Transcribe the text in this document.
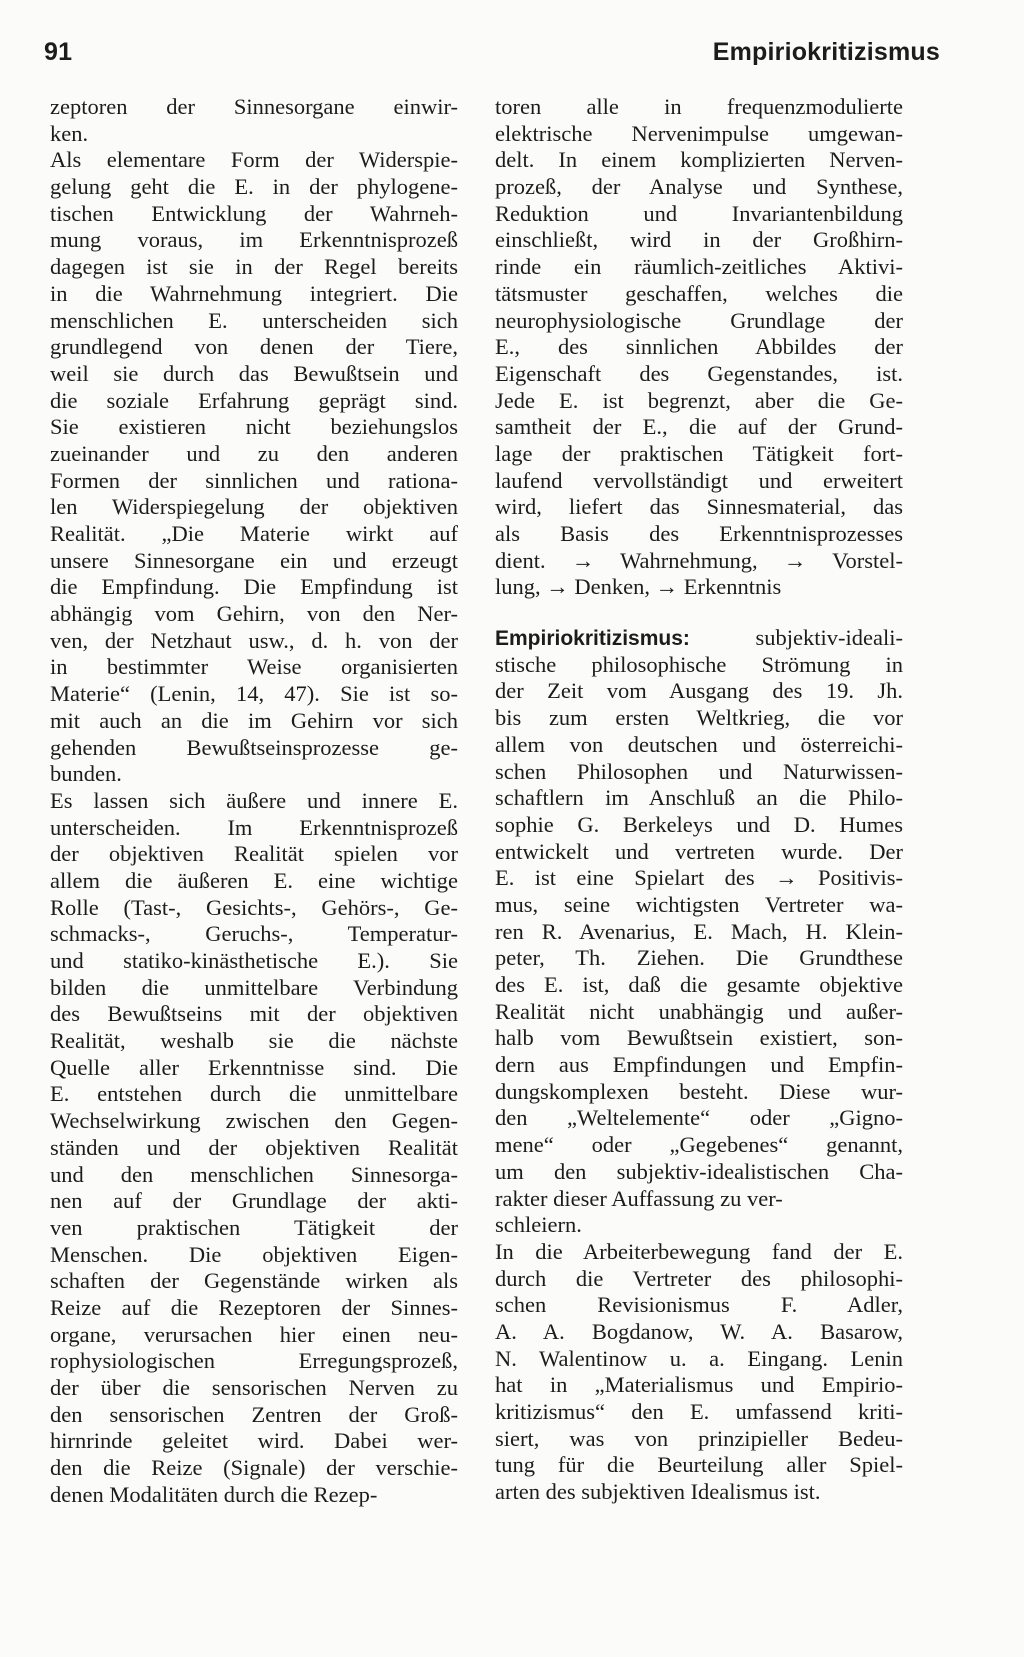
91	Empiriokritizismus
zeptoren der Sinnesorgane einwir-
ken.
Als elementare Form der Widerspie-
gelung geht die E. in der phylogene-
tischen Entwicklung der Wahrneh-
mung voraus, im Erkenntnisprozeß
dagegen ist sie in der Regel bereits
in die Wahrnehmung integriert. Die
menschlichen E. unterscheiden sich
grundlegend von denen der Tiere,
weil sie durch das Bewußtsein und
die soziale Erfahrung geprägt sind.
Sie existieren nicht beziehungslos
zueinander und zu den anderen
Formen der sinnlichen und rationa-
len Widerspiegelung der objektiven
Realität. „Die Materie wirkt auf
unsere Sinnesorgane ein und erzeugt
die Empfindung. Die Empfindung ist
abhängig vom Gehirn, von den Ner-
ven, der Netzhaut usw., d. h. von der
in bestimmter Weise organisierten
Materie“ (Lenin, 14, 47). Sie ist so-
mit auch an die im Gehirn vor sich
gehenden Bewußtseinsprozesse ge-
bunden.
Es lassen sich äußere und innere E.
unterscheiden. Im Erkenntnisprozeß
der objektiven Realität spielen vor
allem die äußeren E. eine wichtige
Rolle (Tast-, Gesichts-, Gehörs-, Ge-
schmacks-, Geruchs-, Temperatur-
und statiko-kinästhetische E.). Sie
bilden die unmittelbare Verbindung
des Bewußtseins mit der objektiven
Realität, weshalb sie die nächste
Quelle aller Erkenntnisse sind. Die
E. entstehen durch die unmittelbare
Wechselwirkung zwischen den Gegen-
ständen und der objektiven Realität
und den menschlichen Sinnesorga-
nen auf der Grundlage der akti-
ven praktischen Tätigkeit der
Menschen. Die objektiven Eigen-
schaften der Gegenstände wirken als
Reize auf die Rezeptoren der Sinnes-
organe, verursachen hier einen neu-
rophysiologischen Erregungsprozeß,
der über die sensorischen Nerven zu
den sensorischen Zentren der Groß-
hirnrinde geleitet wird. Dabei wer-
den die Reize (Signale) der verschie-
denen Modalitäten durch die Rezep-
toren alle in frequenzmodulierte
elektrische Nervenimpulse umgewan-
delt. In einem komplizierten Nerven-
prozeß, der Analyse und Synthese,
Reduktion und Invariantenbildung
einschließt, wird in der Großhirn-
rinde ein räumlich-zeitliches Aktivi-
tätsmuster geschaffen, welches die
neurophysiologische Grundlage der
E., des sinnlichen Abbildes der
Eigenschaft des Gegenstandes, ist.
Jede E. ist begrenzt, aber die Ge-
samtheit der E., die auf der Grund-
lage der praktischen Tätigkeit fort-
laufend vervollständigt und erweitert
wird, liefert das Sinnesmaterial, das
als Basis des Erkenntnisprozesses
dient. → Wahrnehmung, → Vorstel-
lung, → Denken, → Erkenntnis
Empiriokritizismus: subjektiv-ideali-
stische philosophische Strömung in
der Zeit vom Ausgang des 19. Jh.
bis zum ersten Weltkrieg, die vor
allem von deutschen und österreichi-
schen Philosophen und Naturwissen-
schaftlern im Anschluß an die Philo-
sophie G. Berkeleys und D. Humes
entwickelt und vertreten wurde. Der
E. ist eine Spielart des → Positivis-
mus, seine wichtigsten Vertreter wa-
ren R. Avenarius, E. Mach, H. Klein-
peter, Th. Ziehen. Die Grundthese
des E. ist, daß die gesamte objektive
Realität nicht unabhängig und außer-
halb vom Bewußtsein existiert, son-
dern aus Empfindungen und Empfin-
dungskomplexen besteht. Diese wur-
den „Weltelemente“ oder „Gigno-
mene“ oder „Gegebenes“ genannt,
um den subjektiv-idealistischen Cha-
rakter dieser Auffassung zu ver-
schleiern.
In die Arbeiterbewegung fand der E.
durch die Vertreter des philosophi-
schen Revisionismus F. Adler,
A. A. Bogdanow, W. A. Basarow,
N. Walentinow u. a. Eingang. Lenin
hat in „Materialismus und Empirio-
kritizismus“ den E. umfassend kriti-
siert, was von prinzipieller Bedeu-
tung für die Beurteilung aller Spiel-
arten des subjektiven Idealismus ist.
